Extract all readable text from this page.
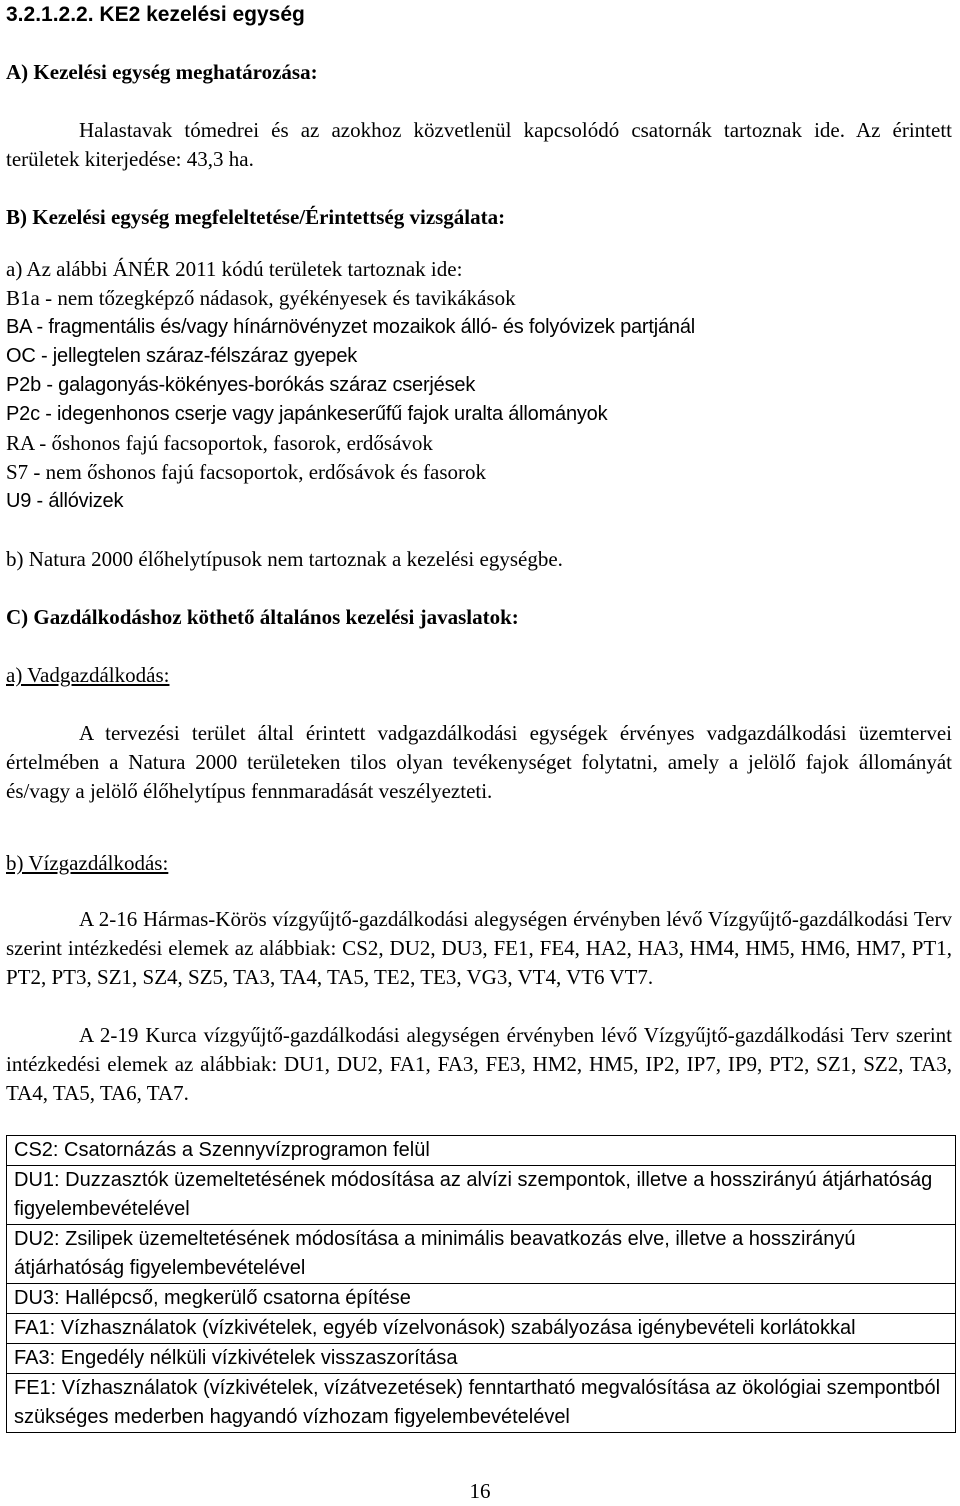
3.2.1.2.2. KE2 kezelési egység
A) Kezelési egység meghatározása:
Halastavak tómedrei és az azokhoz közvetlenül kapcsolódó csatornák tartoznak ide. Az érintett területek kiterjedése: 43,3 ha.
B) Kezelési egység megfeleltetése/Érintettség vizsgálata:
a) Az alábbi ÁNÉR 2011 kódú területek tartoznak ide:
B1a - nem tőzegképző nádasok, gyékényesek és tavikákások
BA - fragmentális és/vagy hínárnövényzet mozaikok álló- és folyóvizek partjánál
OC - jellegtelen száraz-félszáraz gyepek
P2b - galagonyás-kökényes-borókás száraz cserjések
P2c - idegenhonos cserje vagy japánkeserűfű fajok uralta állományok
RA - őshonos fajú facsoportok, fasorok, erdősávok
S7 - nem őshonos fajú facsoportok, erdősávok és fasorok
U9 - állóvizek
b) Natura 2000 élőhelytípusok nem tartoznak a kezelési egységbe.
C) Gazdálkodáshoz köthető általános kezelési javaslatok:
a) Vadgazdálkodás:
A tervezési terület által érintett vadgazdálkodási egységek érvényes vadgazdálkodási üzemtervei értelmében a Natura 2000 területeken tilos olyan tevékenységet folytatni, amely a jelölő fajok állományát és/vagy a jelölő élőhelytípus fennmaradását veszélyezteti.
b) Vízgazdálkodás:
A 2-16 Hármas-Körös vízgyűjtő-gazdálkodási alegységen érvényben lévő Vízgyűjtő-gazdálkodási Terv szerint intézkedési elemek az alábbiak: CS2, DU2, DU3, FE1, FE4, HA2, HA3, HM4, HM5, HM6, HM7, PT1, PT2, PT3, SZ1, SZ4, SZ5, TA3, TA4, TA5, TE2, TE3, VG3, VT4, VT6 VT7.
A 2-19 Kurca vízgyűjtő-gazdálkodási alegységen érvényben lévő Vízgyűjtő-gazdálkodási Terv szerint intézkedési elemek az alábbiak: DU1, DU2, FA1, FA3, FE3, HM2, HM5, IP2, IP7, IP9, PT2, SZ1, SZ2, TA3, TA4, TA5, TA6, TA7.
CS2: Csatornázás a Szennyvízprogramon felül
DU1: Duzzasztók üzemeltetésének módosítása az alvízi szempontok, illetve a hosszirányú átjárhatóság figyelembevételével
DU2: Zsilipek üzemeltetésének módosítása a minimális beavatkozás elve, illetve a hosszirányú átjárhatóság figyelembevételével
DU3: Hallépcső, megkerülő csatorna építése
FA1: Vízhasználatok (vízkivételek, egyéb vízelvonások) szabályozása igénybevételi korlátokkal
FA3: Engedély nélküli vízkivételek visszaszorítása
FE1: Vízhasználatok (vízkivételek, vízátvezetések) fenntartható megvalósítása az ökológiai szempontból szükséges mederben hagyandó vízhozam figyelembevételével
16
